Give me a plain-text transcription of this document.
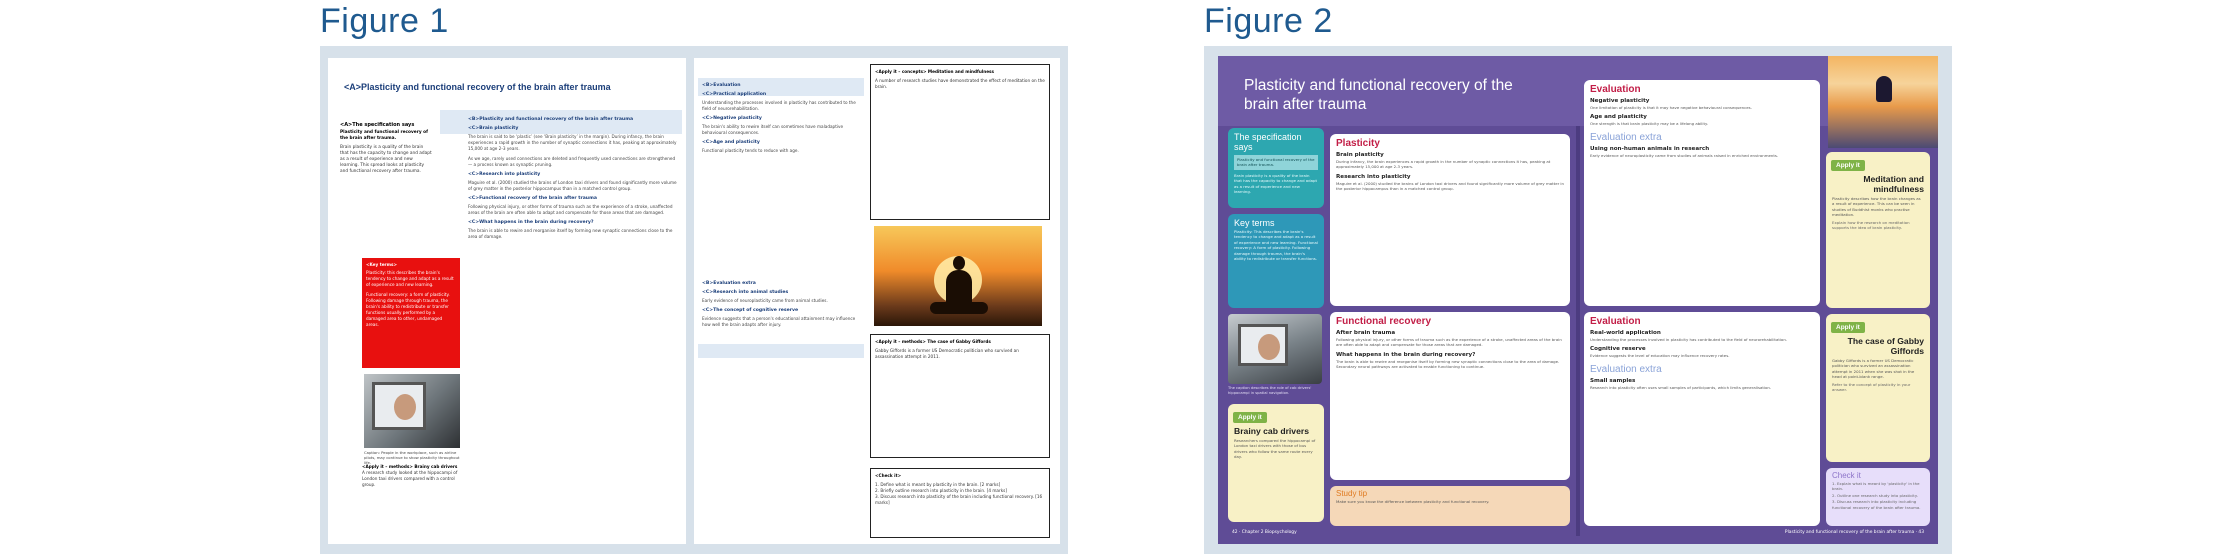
Figure 1	Figure 2
<A>Plasticity and functional recovery of the brain after trauma
<A>The specification says
Plasticity and functional recovery of
the brain after trauma.
Brain plasticity is a quality of the brain that has the capacity to change and adapt as a result of experience and new learning. This spread looks at plasticity and functional recovery after trauma.
<Key terms>
Plasticity: this describes the brain's tendency to change and adapt as a result of experience and new learning.
Functional recovery: a form of plasticity. Following damage through trauma, the brain's ability to redistribute or transfer functions usually performed by a damaged area to other, undamaged areas.
Caption: People in the workplace, such as airline pilots, may continue to show plasticity throughout life.
<Apply it – methods> Brainy cab drivers
A research study looked at the hippocampi of London taxi drivers compared with a control group.
<B>Plasticity and functional recovery of the brain after trauma
<C>Brain plasticity

The brain is said to be ‘plastic’ (see ‘Brain plasticity’ in the margin). During infancy, the brain experiences a rapid growth in the number of synaptic connections it has, peaking at approximately 15,000 at age 2-3 years.

As we age, rarely used connections are deleted and frequently used connections are strengthened — a process known as synaptic pruning.

<C>Research into plasticity

Maguire et al. (2000) studied the brains of London taxi drivers and found significantly more volume of grey matter in the posterior hippocampus than in a matched control group.

<C>Functional recovery of the brain after trauma

Following physical injury, or other forms of trauma such as the experience of a stroke, unaffected areas of the brain are often able to adapt and compensate for those areas that are damaged.

<C>What happens in the brain during recovery?

The brain is able to rewire and reorganise itself by forming new synaptic connections close to the area of damage.

<B>Evaluation
<C>Practical application

Understanding the processes involved in plasticity has contributed to the field of neurorehabilitation.

<C>Negative plasticity

The brain's ability to rewire itself can sometimes have maladaptive behavioural consequences.

<C>Age and plasticity

Functional plasticity tends to reduce with age.

<B>Evaluation extra
<C>Research into animal studies

Early evidence of neuroplasticity came from animal studies.

<C>The concept of cognitive reserve

Evidence suggests that a person's educational attainment may influence how well the brain adapts after injury.

<Apply it – concepts> Meditation and mindfulness
A number of research studies have demonstrated the effect of meditation on the brain.
<Apply it – methods> The case of Gabby Giffords
Gabby Giffords is a former US Democratic politician who survived an assassination attempt in 2011.
<Check it>
1. Define what is meant by plasticity in the brain. [2 marks]
2. Briefly outline research into plasticity in the brain. [4 marks]
3. Discuss research into plasticity of the brain including functional recovery. [16 marks]
Plasticity and functional recovery of the brain after trauma
The specification says
Plasticity and functional recovery of the brain after trauma.
Brain plasticity is a quality of the brain that has the capacity to change and adapt as a result of experience and new learning.
Key terms
Plasticity: This describes the brain's tendency to change and adapt as a result of experience and new learning. Functional recovery: A form of plasticity. Following damage through trauma, the brain's ability to redistribute or transfer functions.
The caption describes the role of cab drivers' hippocampi in spatial navigation.
Apply it
Brainy cab drivers
Researchers compared the hippocampi of London taxi drivers with those of bus drivers who follow the same route every day.
Plasticity
Brain plasticity
During infancy, the brain experiences a rapid growth in the number of synaptic connections it has, peaking at approximately 15,000 at age 2-3 years.
Research into plasticity
Maguire et al. (2000) studied the brains of London taxi drivers and found significantly more volume of grey matter in the posterior hippocampus than in a matched control group.
Functional recovery
After brain trauma
Following physical injury, or other forms of trauma such as the experience of a stroke, unaffected areas of the brain are often able to adapt and compensate for those areas that are damaged.
What happens in the brain during recovery?
The brain is able to rewire and reorganise itself by forming new synaptic connections close to the area of damage. Secondary neural pathways are activated to enable functioning to continue.
Study tip
Make sure you know the difference between plasticity and functional recovery.
Evaluation
Negative plasticity
One limitation of plasticity is that it may have negative behavioural consequences.
Age and plasticity
One strength is that brain plasticity may be a lifelong ability.
Evaluation extra
Using non-human animals in research
Early evidence of neuroplasticity came from studies of animals raised in enriched environments.
Evaluation
Real-world application
Understanding the processes involved in plasticity has contributed to the field of neurorehabilitation.
Cognitive reserve
Evidence suggests the level of education may influence recovery rates.
Evaluation extra
Small samples
Research into plasticity often uses small samples of participants, which limits generalisation.
Apply it
Meditation and mindfulness
Plasticity describes how the brain changes as a result of experience. This can be seen in studies of Buddhist monks who practise meditation.
Explain how the research on meditation supports the idea of brain plasticity.
Apply it
The case of Gabby Giffords
Gabby Giffords is a former US Democratic politician who survived an assassination attempt in 2011 when she was shot in the head at point-blank range.
Refer to the concept of plasticity in your answer.
Check it
1. Explain what is meant by 'plasticity' in the brain.
2. Outline one research study into plasticity.
3. Discuss research into plasticity including functional recovery of the brain after trauma.
42 · Chapter 2 Biopsychology	Plasticity and functional recovery of the brain after trauma · 43
